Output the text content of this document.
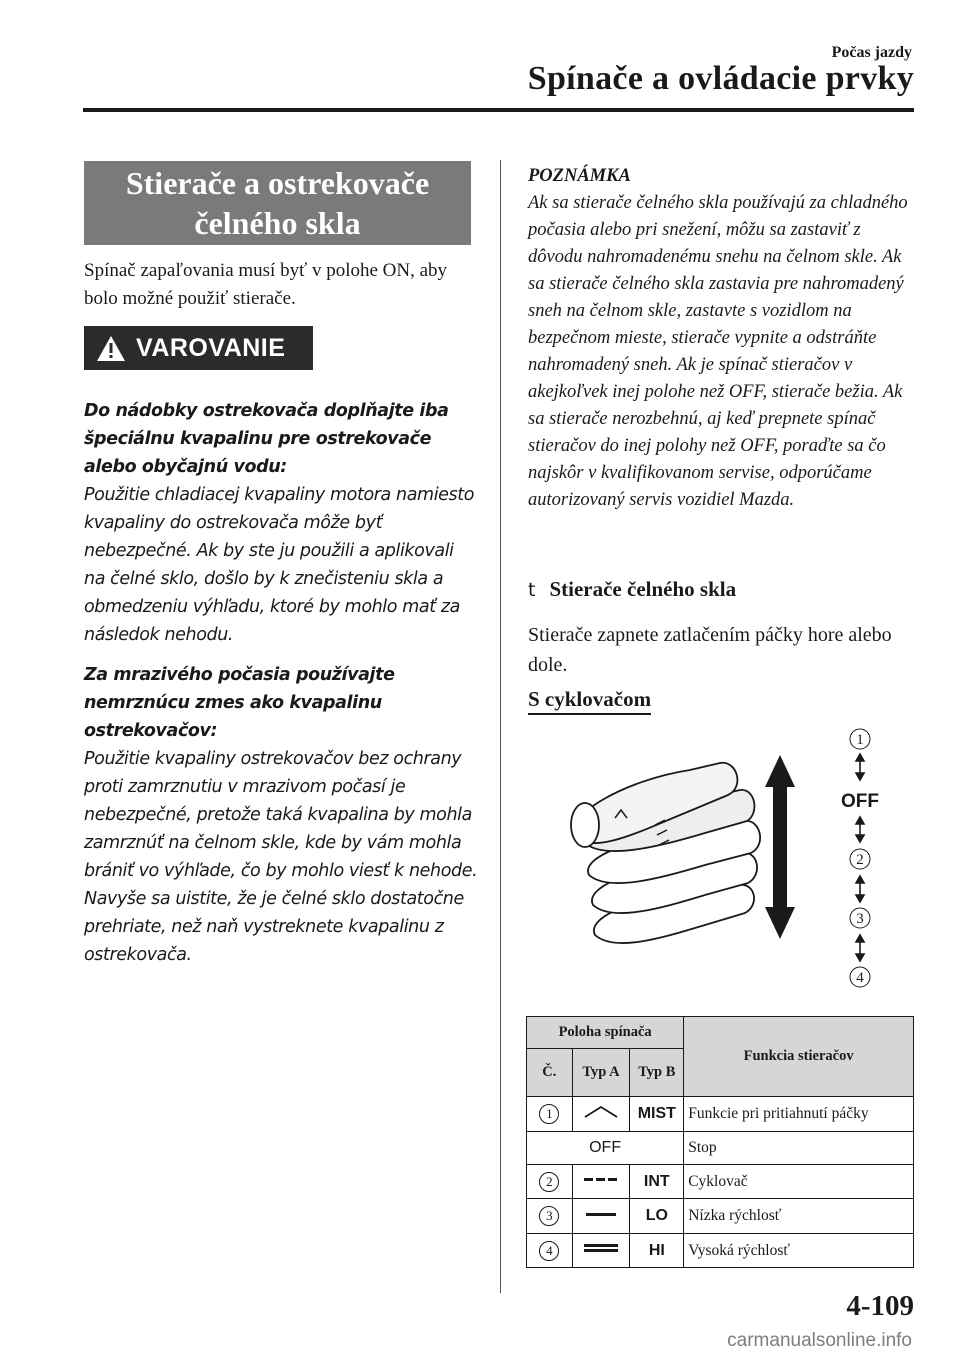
Počas jazdy
Spínače a ovládacie prvky
Stierače a ostrekovače
čelného skla
Spínač zapaľovania musí byť v polohe ON, aby bolo možné použiť stierače.
VAROVANIE

Do nádobky ostrekovača doplňajte iba špeciálnu kvapalinu pre ostrekovače alebo obyčajnú vodu:

Použitie chladiacej kvapaliny motora namiesto kvapaliny do ostrekovača môže byť nebezpečné. Ak by ste ju použili a aplikovali na čelné sklo, došlo by k znečisteniu skla a obmedzeniu výhľadu, ktoré by mohlo mať za následok nehodu.

Za mrazivého počasia používajte nemrznúcu zmes ako kvapalinu ostrekovačov:

Použitie kvapaliny ostrekovačov bez ochrany proti zamrznutiu v mrazivom počasí je nebezpečné, pretože taká kvapalina by mohla zamrznúť na čelnom skle, kde by vám mohla brániť vo výhľade, čo by mohlo viesť k nehode. Navyše sa uistite, že je čelné sklo dostatočne prehriate, než naň vystreknete kvapalinu z ostrekovača.

POZNÁMKA

Ak sa stierače čelného skla používajú za chladného počasia alebo pri snežení, môžu sa zastaviť z dôvodu nahromadenému snehu na čelnom skle. Ak sa stierače čelného skla zastavia pre nahromadený sneh na čelnom skle, zastavte s vozidlom na bezpečnom mieste, stierače vypnite a odstráňte nahromadený sneh. Ak je spínač stieračov v akejkoľvek inej polohe než OFF, stierače bežia. Ak sa stierače nerozbehnú, aj keď prepnete spínač stieračov do inej polohy než OFF, poraďte sa čo najskôr v kvalifikovanom servise, odporúčame autorizovaný servis vozidiel Mazda.

t Stierače čelného skla
Stierače zapnete zatlačením páčky hore alebo dole.
S cyklovačom
1
2
3
4
OFF
Poloha spínača			Funkcia stieračov
Č.	Typ A	Typ B	
1		MIST	Funkcie pri pritiahnutí páčky
OFF			Stop
2		INT	Cyklovač
3		LO	Nízka rýchlosť
4		HI	Vysoká rýchlosť
4-109
carmanualsonline.info
